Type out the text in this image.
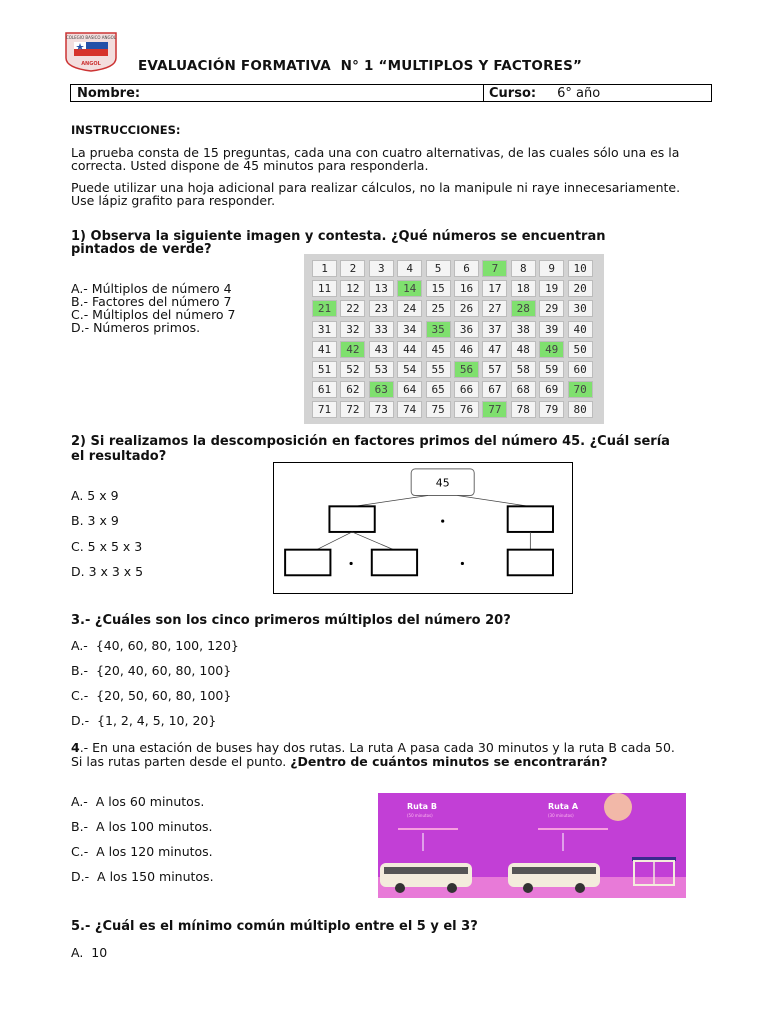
COLEGIO BASICO ANGOL
ANGOL	EVALUACIÓN FORMATIVA  N° 1 “MULTIPLOS Y FACTORES”
Nombre:	Curso: 6° año
INSTRUCCIONES:
La prueba consta de 15 preguntas, cada una con cuatro alternativas, de las cuales sólo una es la correcta. Usted dispone de 45 minutos para responderla.
Puede utilizar una hoja adicional para realizar cálculos, no la manipule ni raye innecesariamente. Use lápiz grafito para responder.
1) Observa la siguiente imagen y contesta. ¿Qué números se encuentran pintados de verde?
A.- Múltiplos de número 4
B.- Factores del número 7
C.- Múltiplos del número 7
D.- Números primos.
1	2	3	4	5	6	7	8	9	10
11	12	13	14	15	16	17	18	19	20
21	22	23	24	25	26	27	28	29	30
31	32	33	34	35	36	37	38	39	40
41	42	43	44	45	46	47	48	49	50
51	52	53	54	55	56	57	58	59	60
61	62	63	64	65	66	67	68	69	70
71	72	73	74	75	76	77	78	79	80
2) Si realizamos la descomposición en factores primos del número 45. ¿Cuál sería el resultado?
A. 5 x 9
B. 3 x 9
C. 5 x 5 x 3
D. 3 x 3 x 5
45
3.- ¿Cuáles son los cinco primeros múltiplos del número 20?
A.-  {40, 60, 80, 100, 120}
B.-  {20, 40, 60, 80, 100}
C.-  {20, 50, 60, 80, 100}
D.-  {1, 2, 4, 5, 10, 20}
4.- En una estación de buses hay dos rutas. La ruta A pasa cada 30 minutos y la ruta B cada 50. Si las rutas parten desde el punto. ¿Dentro de cuántos minutos se encontrarán?
A.-  A los 60 minutos.
B.-  A los 100 minutos.
C.-  A los 120 minutos.
D.-  A los 150 minutos.
Ruta B
(50 minutos)
Ruta A
(30 minutos)
5.- ¿Cuál es el mínimo común múltiplo entre el 5 y el 3?
A.  10
